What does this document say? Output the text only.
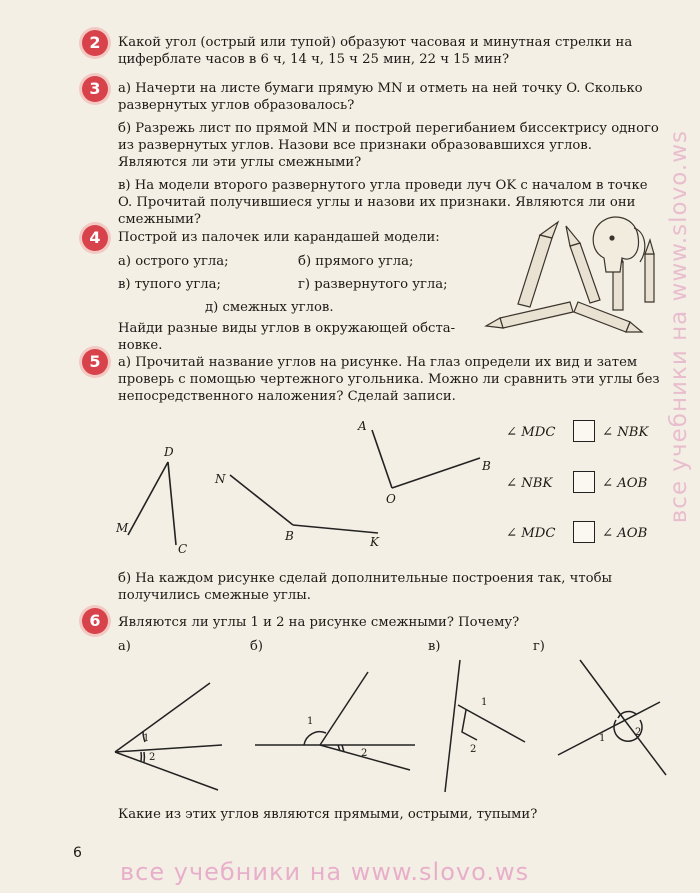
все учебники на www.slovo.ws
все учебники на www.slovo.ws
2	Какой угол (острый или тупой) образуют часовая и минутная стрелки на
циферблате часов в 6 ч, 14 ч, 15 ч 25 мин, 22 ч 15 мин?
3	а) Начерти на листе бумаги прямую MN и отметь на ней точку O. Сколько
развернутых углов образовалось?
б) Разрежь лист по прямой MN и построй перегибанием биссектрису одного
из развернутых углов. Назови все признаки образовавшихся углов.
Являются ли эти углы смежными?
в) На модели второго развернутого угла проведи луч OK с началом в точке
O. Прочитай получившиеся углы и назови их признаки. Являются ли они
смежными?
4	Построй из палочек или карандашей модели:
а) острого угла;	б) прямого угла;
в) тупого угла;	г) развернутого угла;
д) смежных углов.
Найди разные виды углов в окружающей обста-
новке.
5	а) Прочитай название углов на рисунке. На глаз определи их вид и затем
проверь с помощью чертежного угольника. Можно ли сравнить эти углы без
непосредственного наложения? Сделай записи.
D
M
C
N
B	K
A
O
B
∠ MDC	∠ NBK
∠ NBK	∠ AOB
∠ MDC	∠ AOB
б) На каждом рисунке сделай дополнительные построения так, чтобы
получились смежные углы.
6	Являются ли углы 1 и 2 на рисунке смежными? Почему?
а)	б)	в)	г)
1
2
1
2
1
2
1
2
Какие из этих углов являются прямыми, острыми, тупыми?
6
